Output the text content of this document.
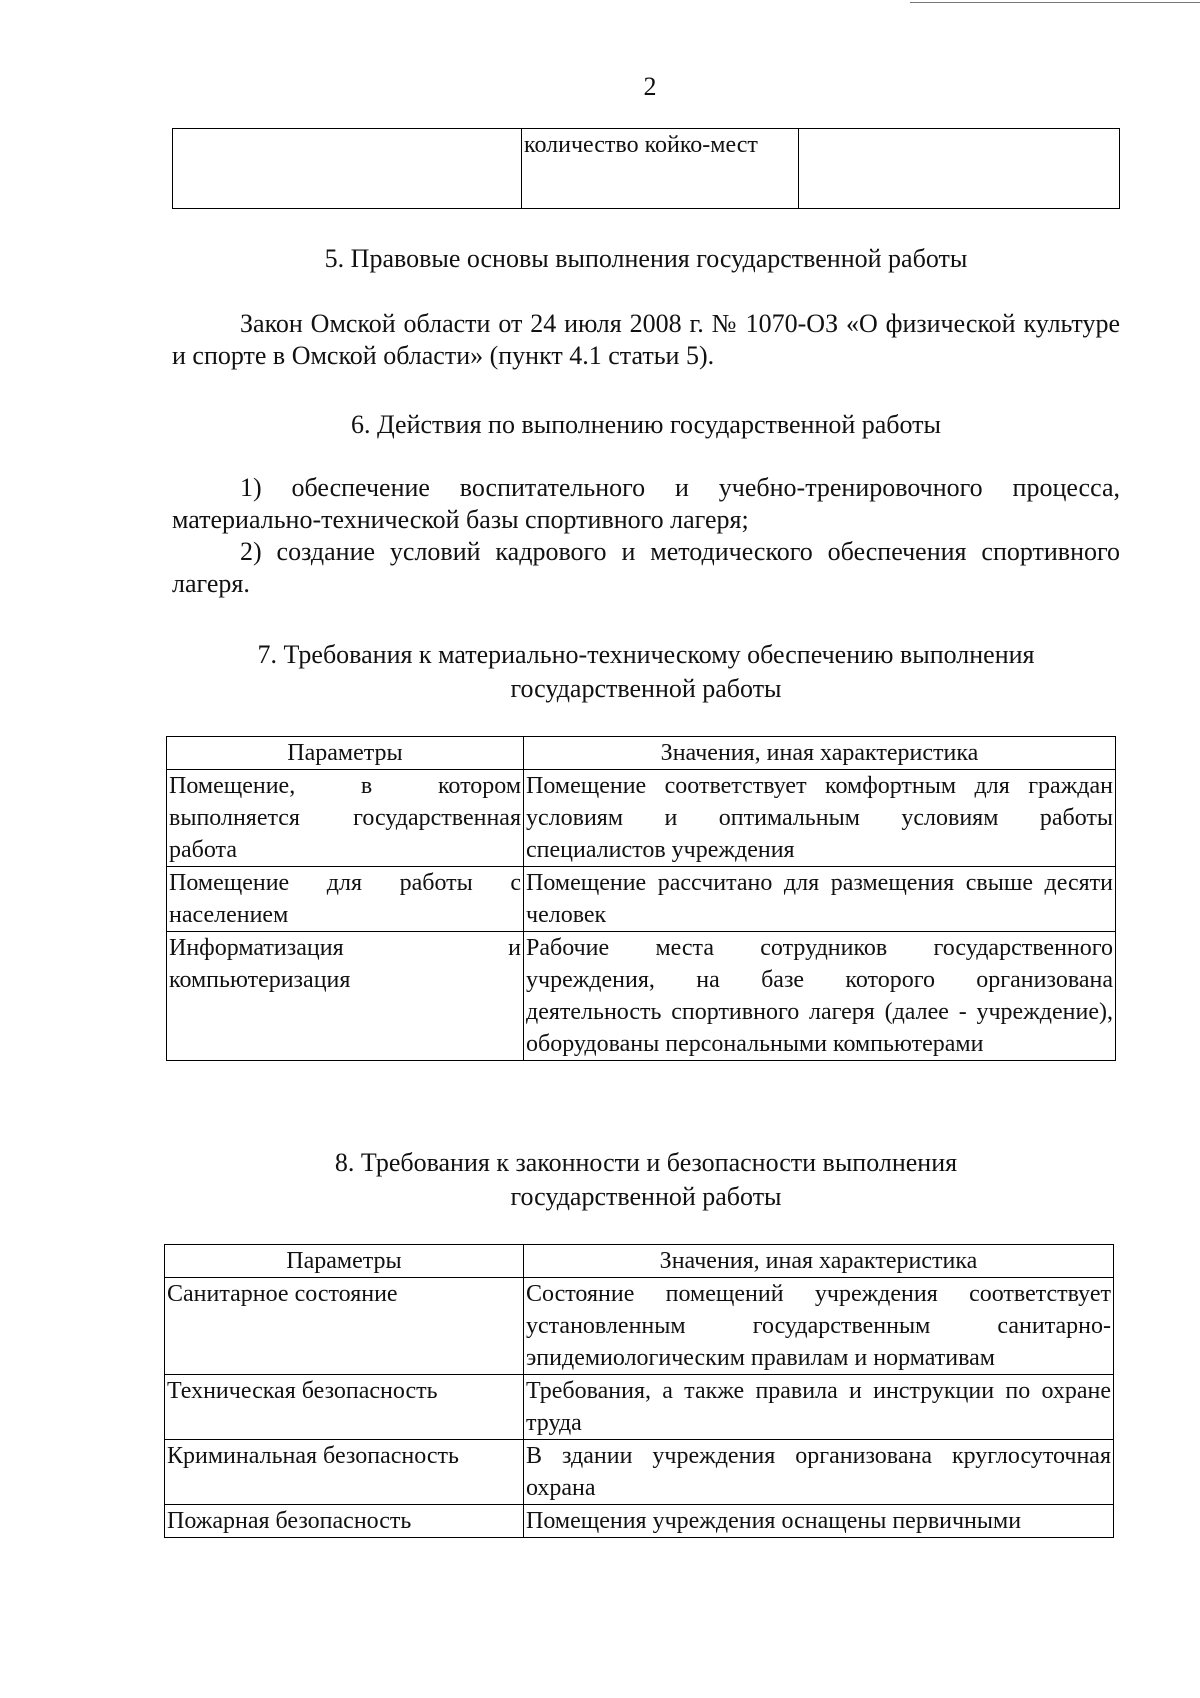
2
	количество койко-мест	
5. Правовые основы выполнения государственной работы
Закон Омской области от 24 июля 2008 г. № 1070-ОЗ «О физической культуре и спорте в Омской области» (пункт 4.1 статьи 5).
6. Действия по выполнению государственной работы
1) обеспечение воспитательного и учебно-тренировочного процесса, материально-технической базы спортивного лагеря;
2) создание условий кадрового и методического обеспечения спортивного лагеря.
7. Требования к материально-техническому обеспечению выполнения
государственной работы
Параметры	Значения, иная характеристика
Помещение, в котором выполняется государственная работа	Помещение соответствует комфортным для граждан условиям и оптимальным условиям работы специалистов учреждения
Помещение для работы с населением	Помещение рассчитано для размещения свыше десяти человек
Информатизация и компьютеризация	Рабочие места сотрудников государственного учреждения, на базе которого организована деятельность спортивного лагеря (далее - учреждение), оборудованы персональными компьютерами
8. Требования к законности и безопасности выполнения
государственной работы
Параметры	Значения, иная характеристика
Санитарное состояние	Состояние помещений учреждения соответствует установленным государственным санитарно-эпидемиологическим правилам и нормативам
Техническая безопасность	Требования, а также правила и инструкции по охране труда
Криминальная безопасность	В здании учреждения организована круглосуточная охрана
Пожарная безопасность	Помещения учреждения оснащены первичными
